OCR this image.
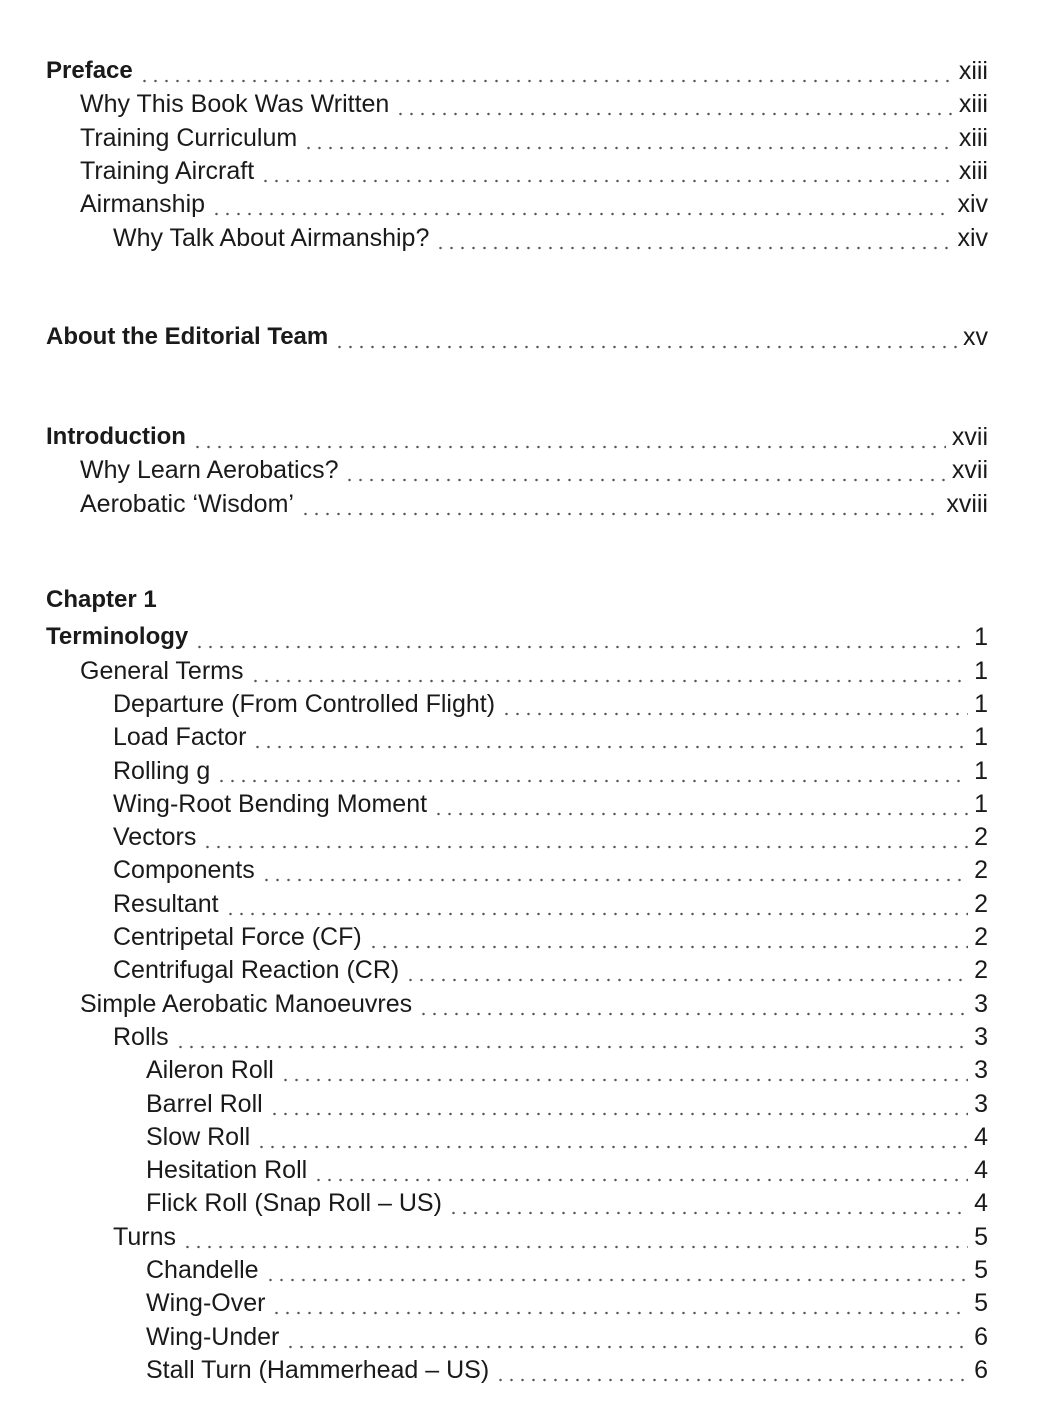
Preface	xiii
Why This Book Was Written	xiii
Training Curriculum	xiii
Training Aircraft	xiii
Airmanship	xiv
Why Talk About Airmanship?	xiv
About the Editorial Team	xv
Introduction	xvii
Why Learn Aerobatics?	xvii
Aerobatic ‘Wisdom’	xviii
Chapter 1
Terminology	1
General Terms	1
Departure (From Controlled Flight)	1
Load Factor	1
Rolling g	1
Wing-Root Bending Moment	1
Vectors	2
Components	2
Resultant	2
Centripetal Force (CF)	2
Centrifugal Reaction (CR)	2
Simple Aerobatic Manoeuvres	3
Rolls	3
Aileron Roll	3
Barrel Roll	3
Slow Roll	4
Hesitation Roll	4
Flick Roll (Snap Roll – US)	4
Turns	5
Chandelle	5
Wing-Over	5
Wing-Under	6
Stall Turn (Hammerhead – US)	6
